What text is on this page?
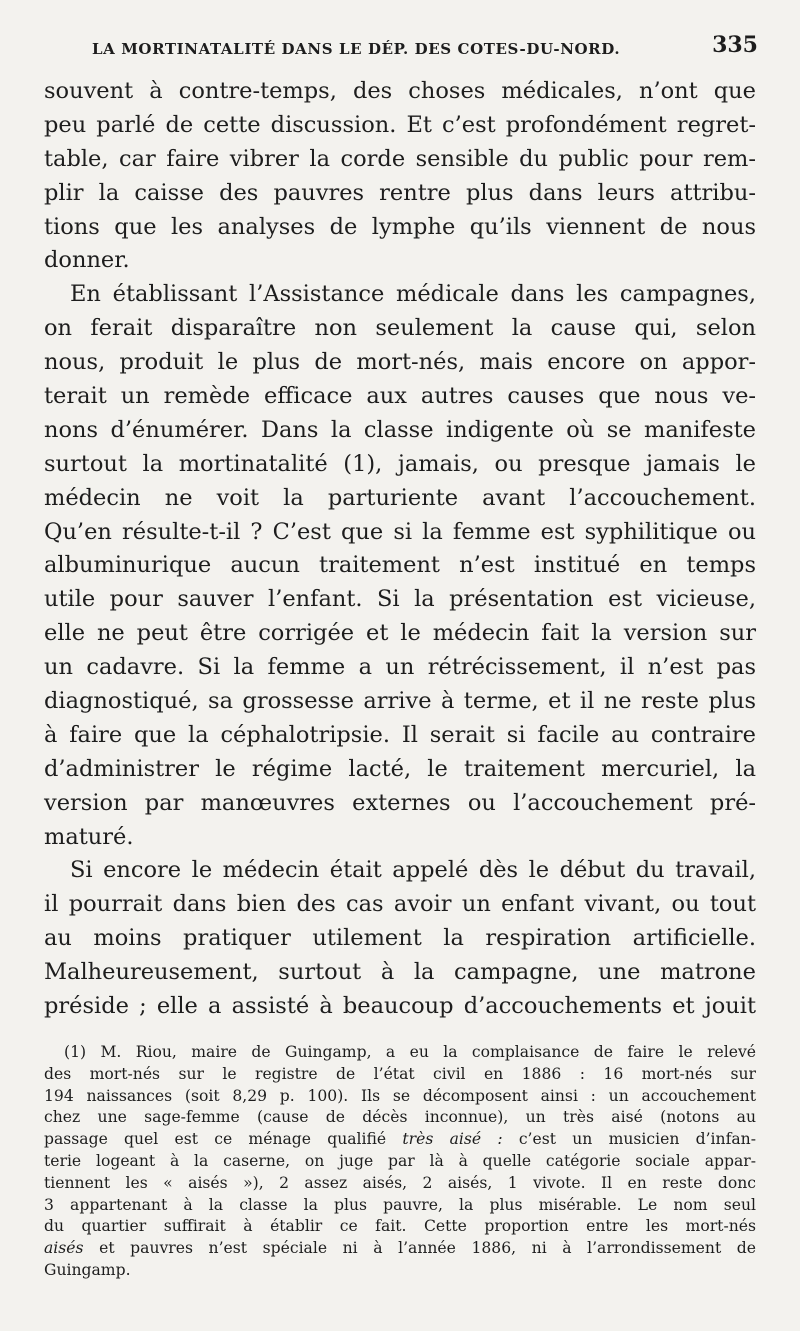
LA MORTINATALITÉ DANS LE DÉP. DES COTES-DU-NORD.	335
souvent à contre-temps, des choses médicales, n’ont que
peu parlé de cette discussion. Et c’est profondément regret-
table, car faire vibrer la corde sensible du public pour rem-
plir la caisse des pauvres rentre plus dans leurs attribu-
tions que les analyses de lymphe qu’ils viennent de nous
donner.
En établissant l’Assistance médicale dans les campagnes,
on ferait disparaître non seulement la cause qui, selon
nous, produit le plus de mort-nés, mais encore on appor-
terait un remède efficace aux autres causes que nous ve-
nons d’énumérer. Dans la classe indigente où se manifeste
surtout la mortinatalité (1), jamais, ou presque jamais le
médecin ne voit la parturiente avant l’accouchement.
Qu’en résulte-t-il ? C’est que si la femme est syphilitique ou
albuminurique aucun traitement n’est institué en temps
utile pour sauver l’enfant. Si la présentation est vicieuse,
elle ne peut être corrigée et le médecin fait la version sur
un cadavre. Si la femme a un rétrécissement, il n’est pas
diagnostiqué, sa grossesse arrive à terme, et il ne reste plus
à faire que la céphalotripsie. Il serait si facile au contraire
d’administrer le régime lacté, le traitement mercuriel, la
version par manœuvres externes ou l’accouchement pré-
maturé.
Si encore le médecin était appelé dès le début du travail,
il pourrait dans bien des cas avoir un enfant vivant, ou tout
au moins pratiquer utilement la respiration artificielle.
Malheureusement, surtout à la campagne, une matrone
préside ; elle a assisté à beaucoup d’accouchements et jouit
(1) M. Riou, maire de Guingamp, a eu la complaisance de faire le relevé
des mort-nés sur le registre de l’état civil en 1886 : 16 mort-nés sur
194 naissances (soit 8,29 p. 100). Ils se décomposent ainsi : un accouchement
chez une sage-femme (cause de décès inconnue), un très aisé (notons au
passage quel est ce ménage qualifié très aisé : c’est un musicien d’infan-
terie logeant à la caserne, on juge par là à quelle catégorie sociale appar-
tiennent les « aisés »), 2 assez aisés, 2 aisés, 1 vivote. Il en reste donc
3 appartenant à la classe la plus pauvre, la plus misérable. Le nom seul
du quartier suffirait à établir ce fait. Cette proportion entre les mort-nés
aisés et pauvres n’est spéciale ni à l’année 1886, ni à l’arrondissement de
Guingamp.
